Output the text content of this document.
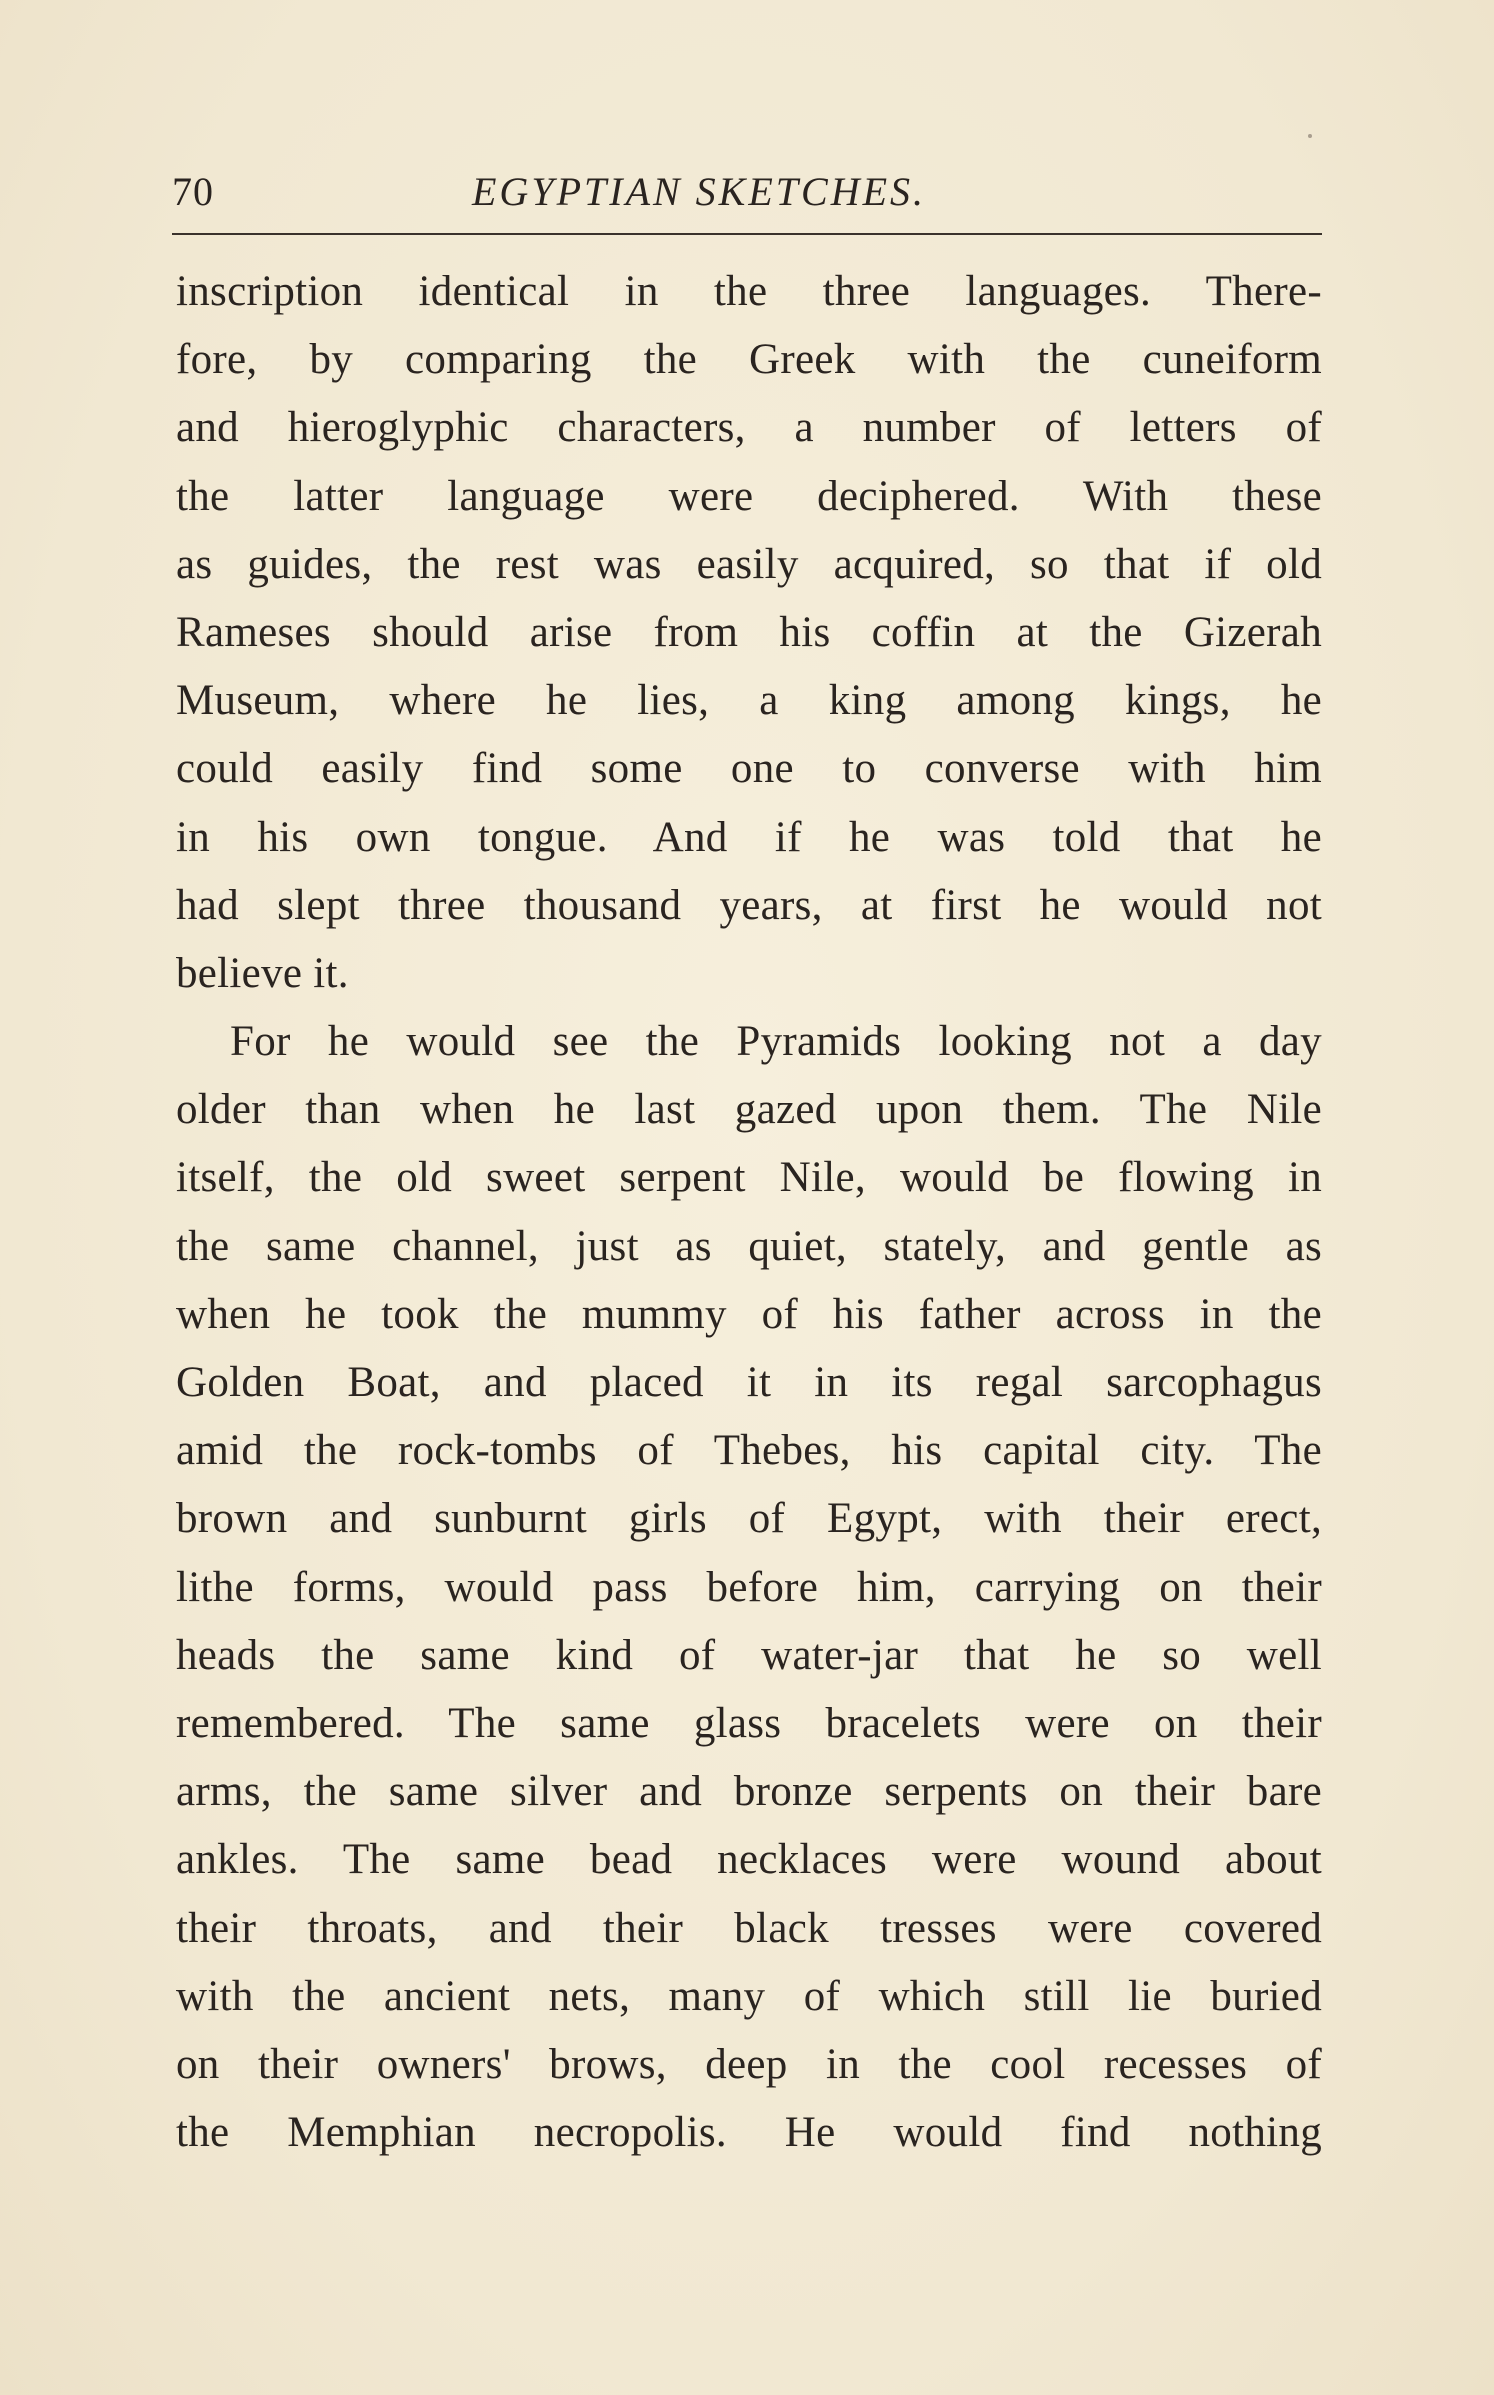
70	EGYPTIAN SKETCHES.
inscription identical in the three languages. There-
fore, by comparing the Greek with the cuneiform
and hieroglyphic characters, a number of letters of
the latter language were deciphered. With these
as guides, the rest was easily acquired, so that if old
Rameses should arise from his coffin at the Gizerah
Museum, where he lies, a king among kings, he
could easily find some one to converse with him
in his own tongue. And if he was told that he
had slept three thousand years, at first he would not
believe it.
For he would see the Pyramids looking not a day
older than when he last gazed upon them. The Nile
itself, the old sweet serpent Nile, would be flowing in
the same channel, just as quiet, stately, and gentle as
when he took the mummy of his father across in the
Golden Boat, and placed it in its regal sarcophagus
amid the rock-tombs of Thebes, his capital city. The
brown and sunburnt girls of Egypt, with their erect,
lithe forms, would pass before him, carrying on their
heads the same kind of water-jar that he so well
remembered. The same glass bracelets were on their
arms, the same silver and bronze serpents on their bare
ankles. The same bead necklaces were wound about
their throats, and their black tresses were covered
with the ancient nets, many of which still lie buried
on their owners' brows, deep in the cool recesses of
the Memphian necropolis. He would find nothing
